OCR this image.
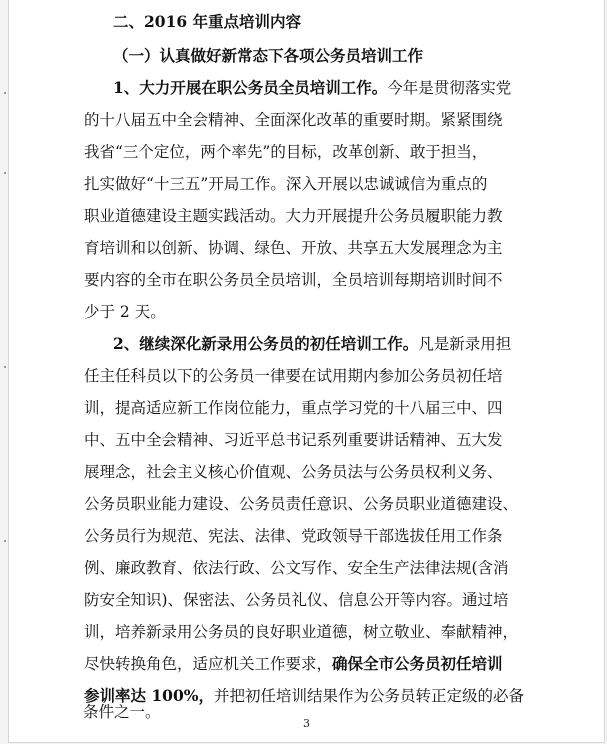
二、2016 年重点培训内容
（一）认真做好新常态下各项公务员培训工作
1、大力开展在职公务员全员培训工作。今年是贯彻落实党
的十八届五中全会精神、全面深化改革的重要时期。紧紧围绕
我省“三个定位，两个率先”的目标，改革创新、敢于担当，
扎实做好“十三五”开局工作。深入开展以忠诚诚信为重点的
职业道德建设主题实践活动。大力开展提升公务员履职能力教
育培训和以创新、协调、绿色、开放、共享五大发展理念为主
要内容的全市在职公务员全员培训，全员培训每期培训时间不
少于 2 天。
2、继续深化新录用公务员的初任培训工作。凡是新录用担
任主任科员以下的公务员一律要在试用期内参加公务员初任培
训，提高适应新工作岗位能力，重点学习党的十八届三中、四
中、五中全会精神、习近平总书记系列重要讲话精神、五大发
展理念，社会主义核心价值观、公务员法与公务员权利义务、
公务员职业能力建设、公务员责任意识、公务员职业道德建设、
公务员行为规范、宪法、法律、党政领导干部选拔任用工作条
例、廉政教育、依法行政、公文写作、安全生产法律法规(含消
防安全知识)、保密法、公务员礼仪、信息公开等内容。通过培
训，培养新录用公务员的良好职业道德，树立敬业、奉献精神，
尽快转换角色，适应机关工作要求，确保全市公务员初任培训
参训率达 100%，并把初任培训结果作为公务员转正定级的必备
3
条件之一。
